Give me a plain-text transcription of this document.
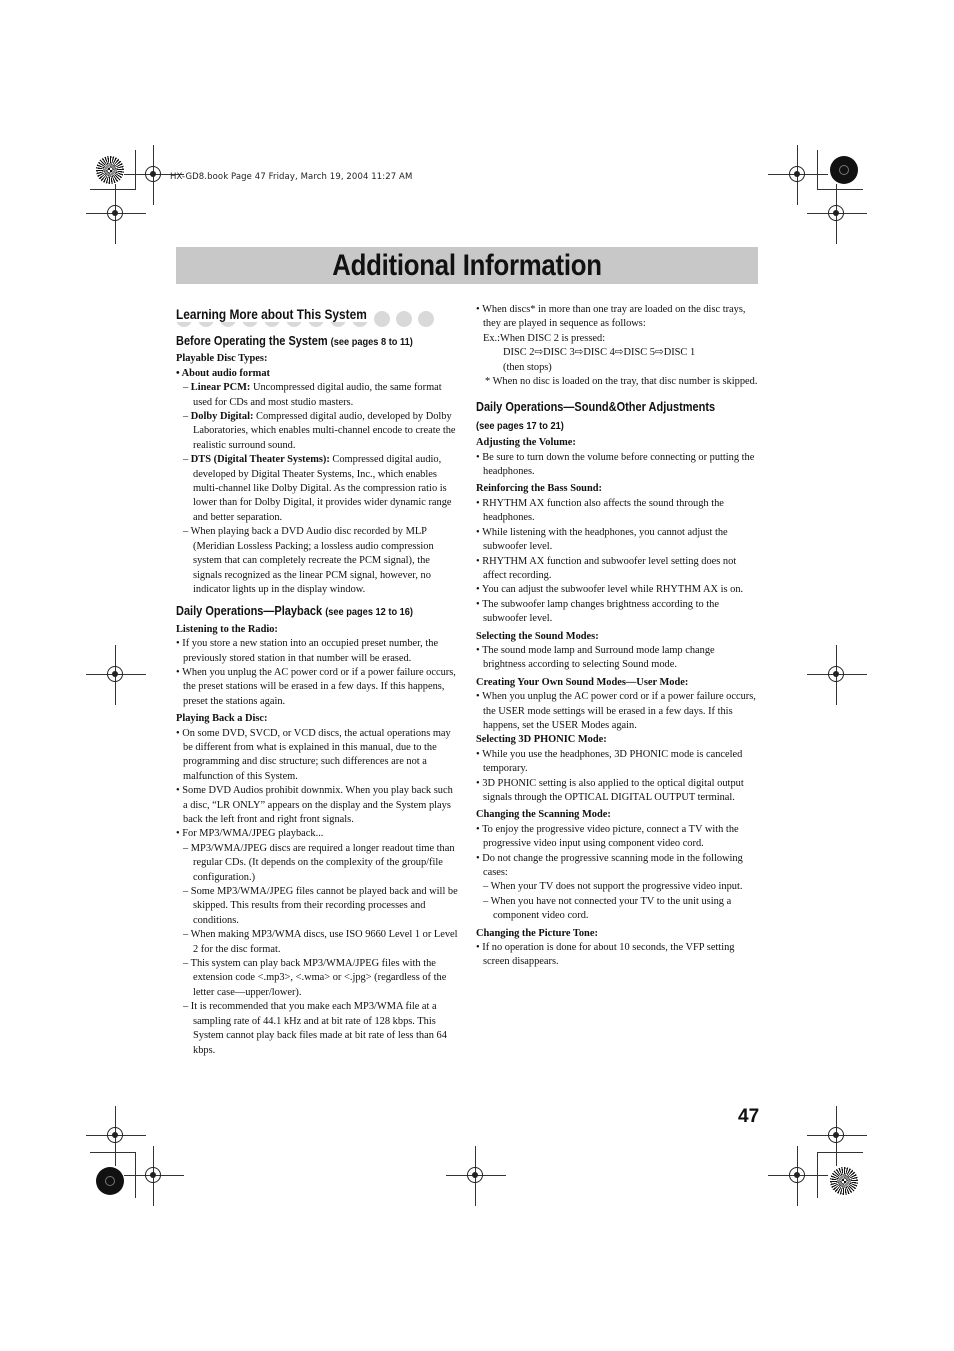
HX-GD8.book Page 47 Friday, March 19, 2004 11:27 AM
Additional Information
Learning More about This System
Before Operating the System (see pages 8 to 11)

Playable Disc Types:

• About audio format

– Linear PCM: Uncompressed digital audio, the same format used for CDs and most studio masters.

– Dolby Digital: Compressed digital audio, developed by Dolby Laboratories, which enables multi-channel encode to create the realistic surround sound.

– DTS (Digital Theater Systems): Compressed digital audio, developed by Digital Theater Systems, Inc., which enables multi-channel like Dolby Digital. As the compression ratio is lower than for Dolby Digital, it provides wider dynamic range and better separation.

– When playing back a DVD Audio disc recorded by MLP (Meridian Lossless Packing; a lossless audio compression system that can completely recreate the PCM signal), the signals recognized as the linear PCM signal, however, no indicator lights up in the display window.

Daily Operations—Playback (see pages 12 to 16)

Listening to the Radio:

• If you store a new station into an occupied preset number, the previously stored station in that number will be erased.

• When you unplug the AC power cord or if a power failure occurs, the preset stations will be erased in a few days. If this happens, preset the stations again.

Playing Back a Disc:

• On some DVD, SVCD, or VCD discs, the actual operations may be different from what is explained in this manual, due to the programming and disc structure; such differences are not a malfunction of this System.

• Some DVD Audios prohibit downmix. When you play back such a disc, “LR ONLY” appears on the display and the System plays back the left front and right front signals.

• For MP3/WMA/JPEG playback...

– MP3/WMA/JPEG discs are required a longer readout time than regular CDs. (It depends on the complexity of the group/file configuration.)

– Some MP3/WMA/JPEG files cannot be played back and will be skipped. This results from their recording processes and conditions.

– When making MP3/WMA discs, use ISO 9660 Level 1 or Level 2 for the disc format.

– This system can play back MP3/WMA/JPEG files with the extension code <.mp3>, <.wma> or <.jpg> (regardless of the letter case—upper/lower).

– It is recommended that you make each MP3/WMA file at a sampling rate of 44.1 kHz and at bit rate of 128 kbps. This System cannot play back files made at bit rate of less than 64 kbps.

• When discs* in more than one tray are loaded on the disc trays, they are played in sequence as follows:

Ex.:When DISC 2 is pressed:

DISC 2⇨DISC 3⇨DISC 4⇨DISC 5⇨DISC 1

(then stops)

* When no disc is loaded on the tray, that disc number is skipped.

Daily Operations—Sound&Other Adjustments
(see pages 17 to 21)

Adjusting the Volume:

• Be sure to turn down the volume before connecting or putting the headphones.

Reinforcing the Bass Sound:

• RHYTHM AX function also affects the sound through the headphones.

• While listening with the headphones, you cannot adjust the subwoofer level.

• RHYTHM AX function and subwoofer level setting does not affect recording.

• You can adjust the subwoofer level while RHYTHM AX is on.

• The subwoofer lamp changes brightness according to the subwoofer level.

Selecting the Sound Modes:

• The sound mode lamp and Surround mode lamp change brightness according to selecting Sound mode.

Creating Your Own Sound Modes—User Mode:

• When you unplug the AC power cord or if a power failure occurs, the USER mode settings will be erased in a few days. If this happens, set the USER Modes again.

Selecting 3D PHONIC Mode:

• While you use the headphones, 3D PHONIC mode is canceled temporary.

• 3D PHONIC setting is also applied to the optical digital output signals through the OPTICAL DIGITAL OUTPUT terminal.

Changing the Scanning Mode:

• To enjoy the progressive video picture, connect a TV with the progressive video input using component video cord.

• Do not change the progressive scanning mode in the following cases:

– When your TV does not support the progressive video input.

– When you have not connected your TV to the unit using a component video cord.

Changing the Picture Tone:

• If no operation is done for about 10 seconds, the VFP setting screen disappears.

47
